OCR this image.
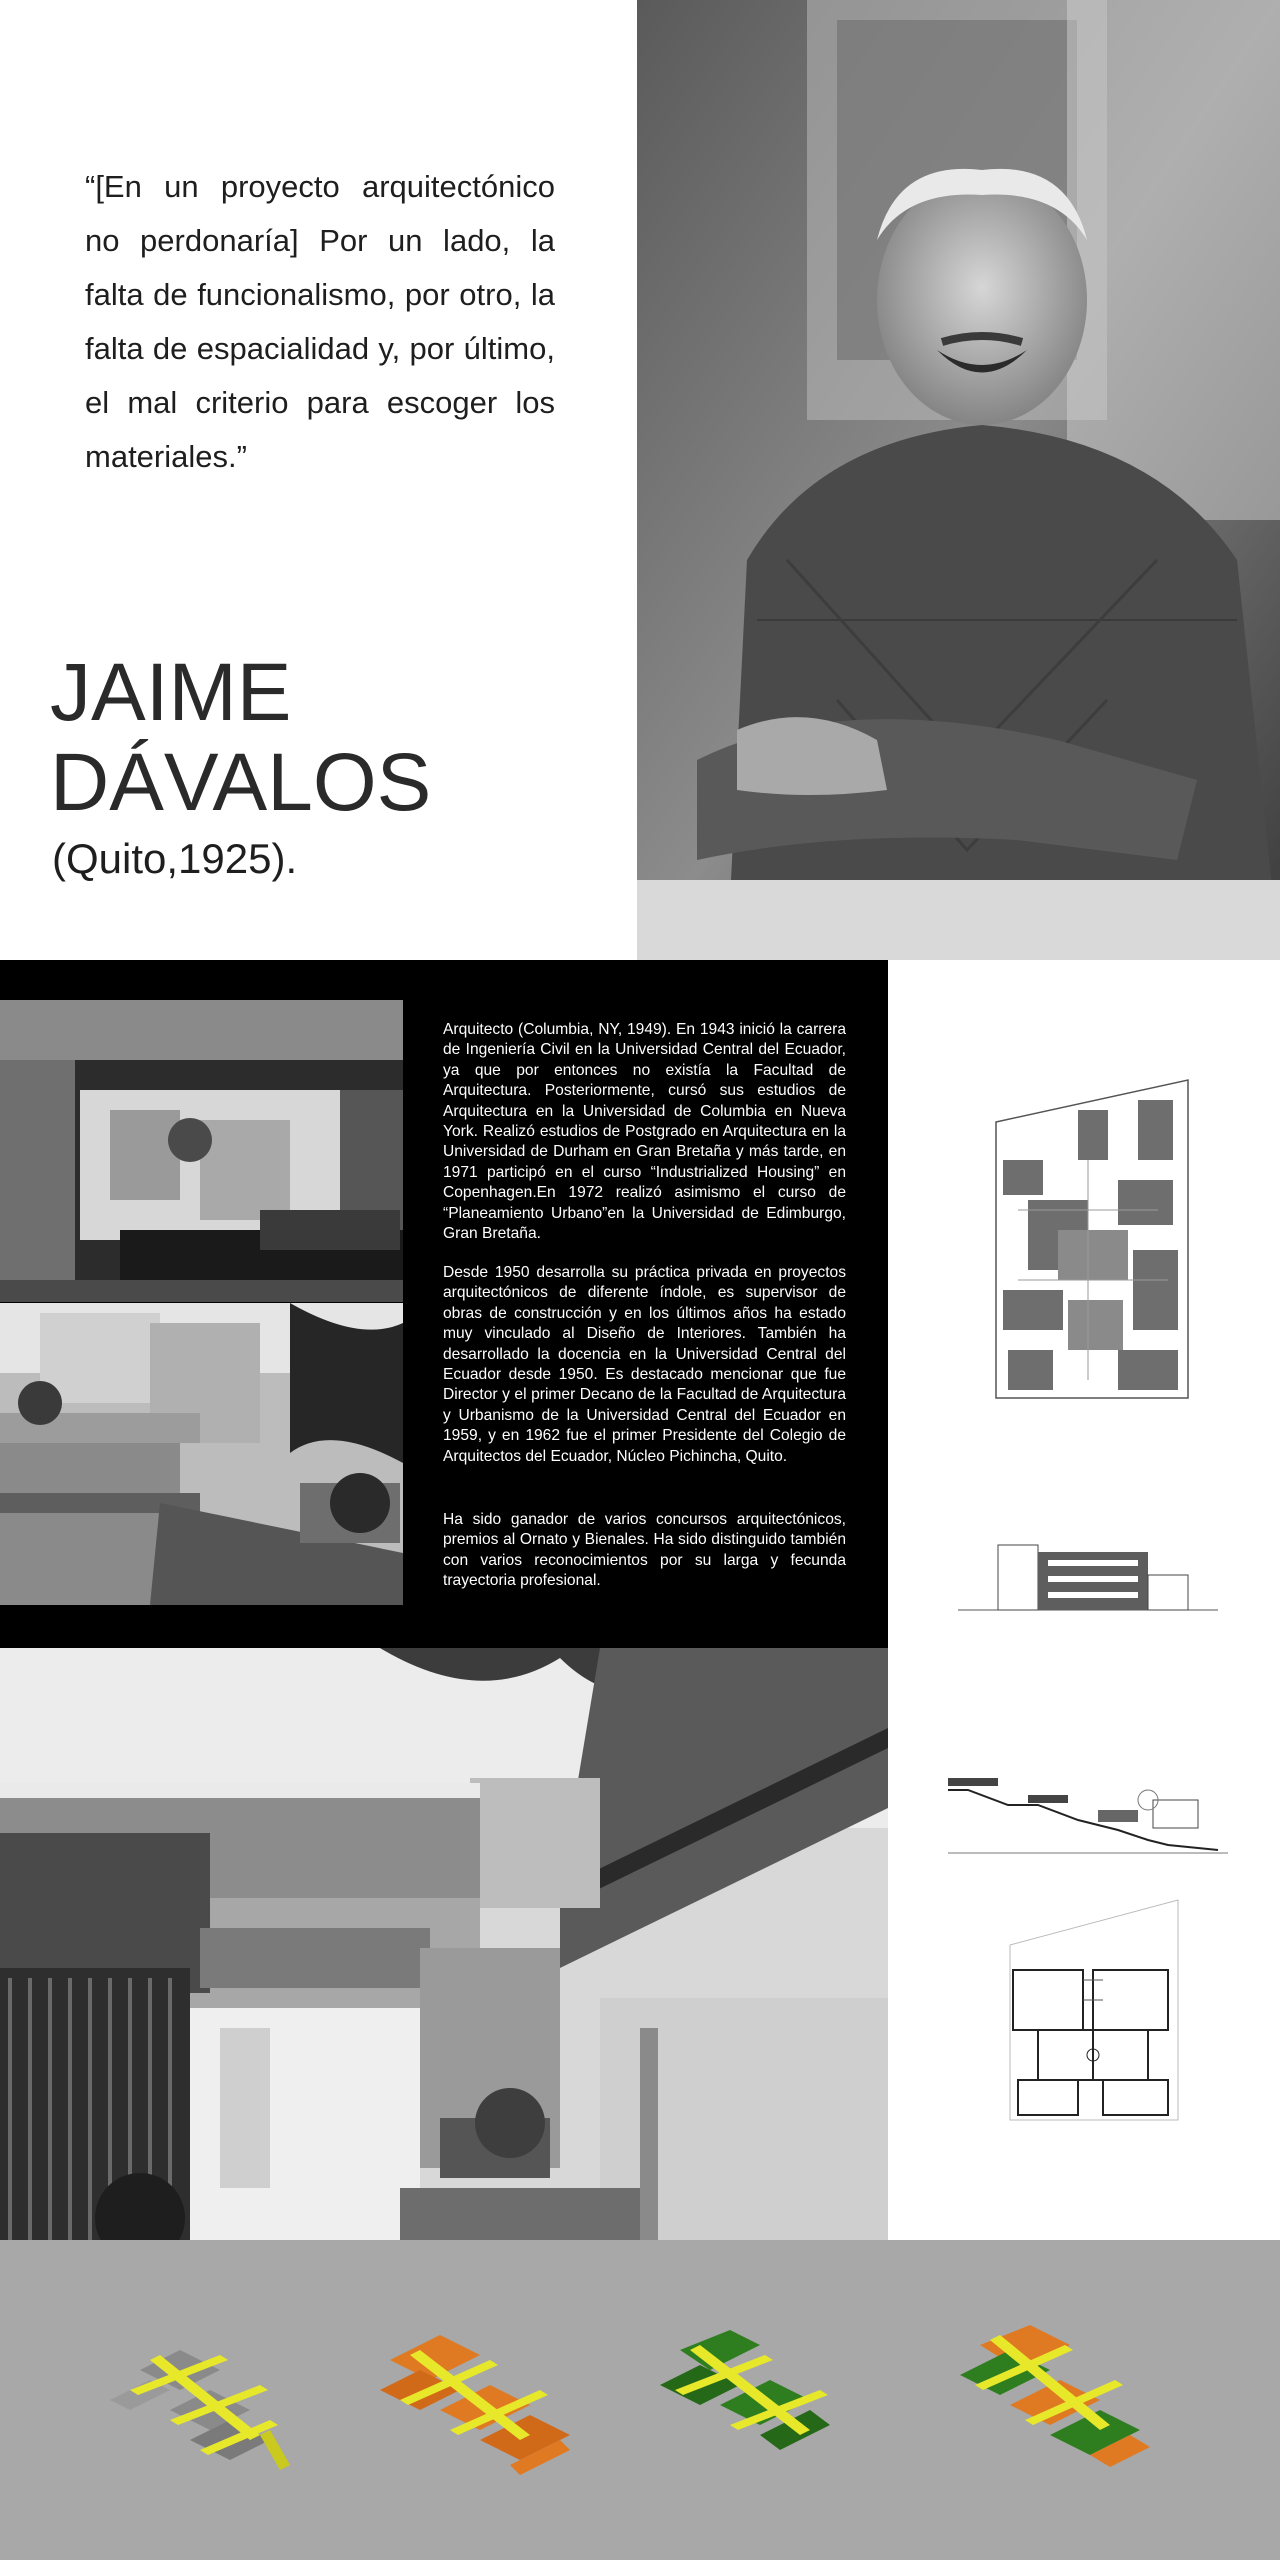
“[En un proyecto arquitectónico no perdonaría] Por un lado, la falta de funcionalismo, por otro, la falta de espacialidad y, por último, el mal criterio para escoger los materiales.”
JAIME
DÁVALOS
(Quito,1925).
Arquitecto (Columbia, NY, 1949). En 1943 inició la carrera de Ingeniería Civil en la Universidad Central del Ecuador, ya que por entonces no existía la Facultad de Arquitectura. Posteriormente, cursó sus estudios de Arquitectura en la Universidad de Columbia en Nueva York. Realizó estudios de Postgrado en Arquitectura en la Universidad de Durham en Gran Bretaña y más tarde, en 1971 participó en el curso “Industrialized Housing” en Copenhagen.En 1972 realizó asimismo el curso de “Planeamiento Urbano”en la Universidad de Edimburgo, Gran Bretaña.
Desde 1950 desarrolla su práctica privada en proyectos arquitectónicos de diferente índole, es supervisor de obras de construcción y en los últimos años ha estado muy vinculado al Diseño de Interiores. También ha desarrollado la docencia en la Universidad Central del Ecuador desde 1950. Es destacado mencionar que fue Director y el primer Decano de la Facultad de Arquitectura y Urbanismo de la Universidad Central del Ecuador en 1959, y en 1962 fue el primer Presidente del Colegio de Arquitectos del Ecuador, Núcleo Pichincha, Quito.
Ha sido ganador de varios concursos arquitectónicos, premios al Ornato y Bienales. Ha sido distinguido también con varios reconocimientos por su larga y fecunda trayectoria profesional.
